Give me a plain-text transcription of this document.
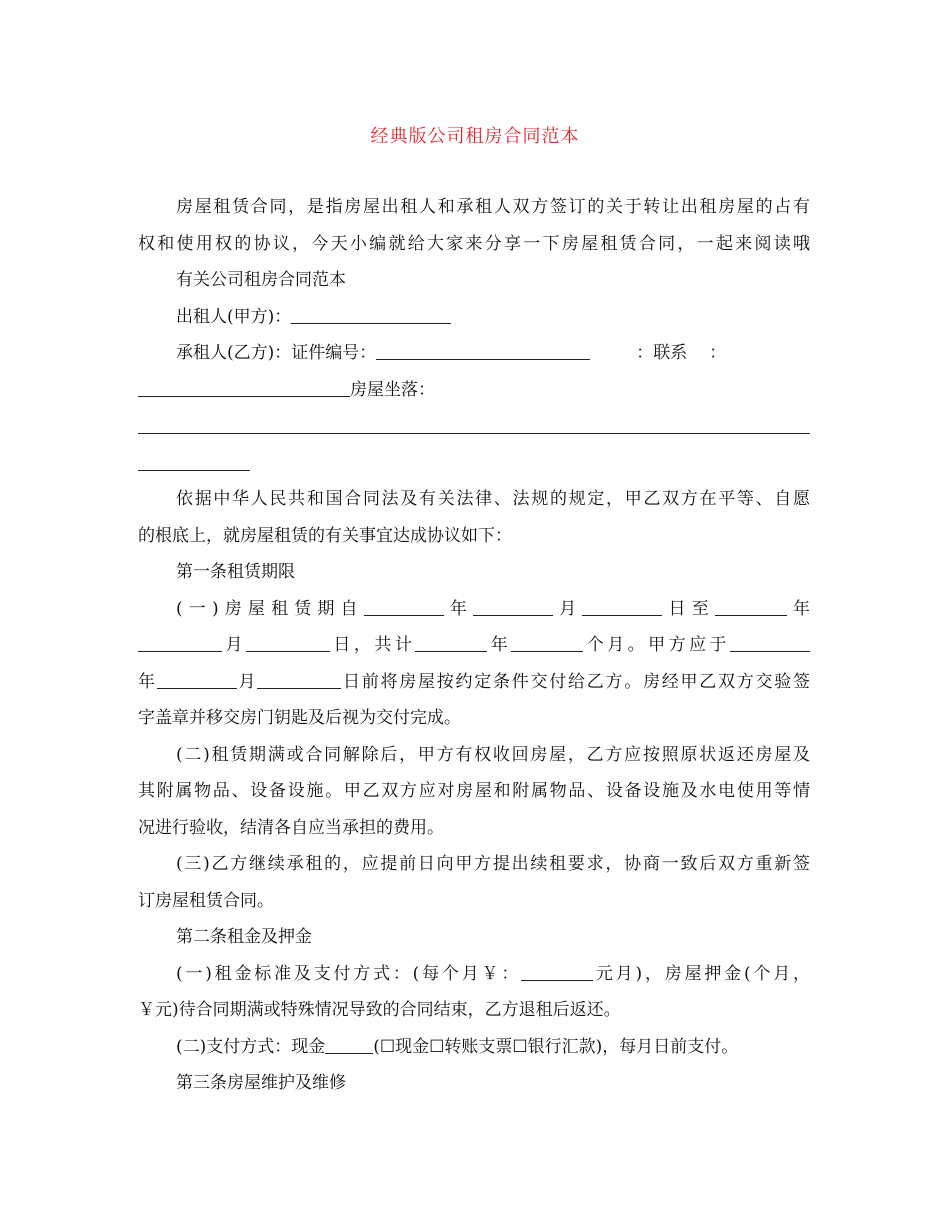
经典版公司租房合同范本
房屋租赁合同，是指房屋出租人和承租人双方签订的关于转让出租房屋的占有
权和使用权的协议，今天小编就给大家来分享一下房屋租赁合同，一起来阅读哦
有关公司租房合同范本
出租人(甲方)：
承租人(乙方)：证件编号：	：联系 ：
房屋坐落：
依据中华人民共和国合同法及有关法律、法规的规定，甲乙双方在平等、自愿
的根底上，就房屋租赁的有关事宜达成协议如下：
第一条租赁期限
(一)房屋租赁期自	年	月	日至	年
月	日，共计	年	个月。甲方应于
年	月	日前将房屋按约定条件交付给乙方。房经甲乙双方交验签
字盖章并移交房门钥匙及后视为交付完成。
(二)租赁期满或合同解除后，甲方有权收回房屋，乙方应按照原状返还房屋及
其附属物品、设备设施。甲乙双方应对房屋和附属物品、设备设施及水电使用等情
况进行验收，结清各自应当承担的费用。
(三)乙方继续承租的，应提前日向甲方提出续租要求，协商一致后双方重新签
订房屋租赁合同。
第二条租金及押金
(一)租金标准及支付方式：(每个月￥：	元月)，房屋押金(个月，
￥元)待合同期满或特殊情况导致的合同结束，乙方退租后返还。
(二)支付方式：现金	(☐现金☐转账支票☐银行汇款)，每月日前支付。
第三条房屋维护及维修
